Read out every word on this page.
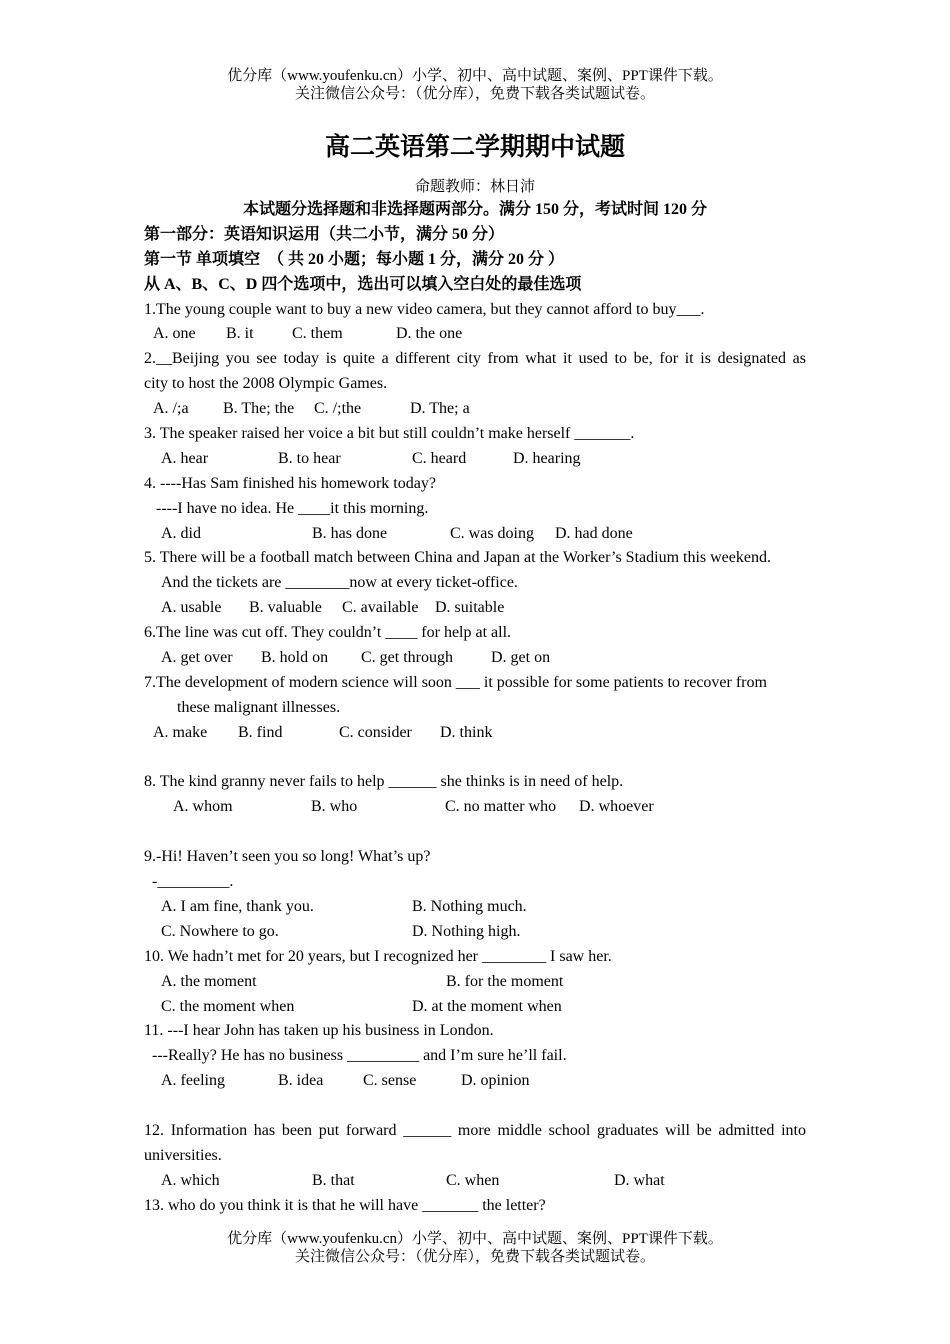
优分库（www.youfenku.cn）小学、初中、高中试题、案例、PPT课件下载。
关注微信公众号：（优分库），免费下载各类试题试卷。
高二英语第二学期期中试题
命题教师：林日沛
本试题分选择题和非选择题两部分。满分 150 分，考试时间 120 分
第一部分：英语知识运用（共二小节，满分 50 分）
第一节 单项填空  （ 共 20 小题；每小题 1 分，满分 20 分 ）
从 A、B、C、D 四个选项中，选出可以填入空白处的最佳选项
1.The young couple want to buy a new video camera, but they cannot afford to buy___.
A. one	B. it	C. them	D. the one
2.__Beijing you see today is quite a different city from what it used to be, for it is designated as
city to host the 2008 Olympic Games.
A. /;a	B. The; the	C. /;the	D. The; a
3. The speaker raised her voice a bit but still couldn’t make herself _______.
A. hear	B. to hear	C. heard	D. hearing
4. ----Has Sam finished his homework today?
----I have no idea. He ____it this morning.
A. did	B. has done	C. was doing	D. had done
5. There will be a football match between China and Japan at the Worker’s Stadium this weekend.
And the tickets are ________now at every ticket-office.
A. usable	B. valuable	C. available	D. suitable
6.The line was cut off. They couldn’t ____ for help at all.
A. get over	B. hold on	C. get through	D. get on
7.The development of modern science will soon ___ it possible for some patients to recover from
these malignant illnesses.
A. make	B. find	C. consider	D. think
8. The kind granny never fails to help ______ she thinks is in need of help.
A. whom	B. who	C. no matter who	D. whoever
9.-Hi! Haven’t seen you so long! What’s up?
-_________.
A. I am fine, thank you.	B. Nothing much.
C. Nowhere to go.	D. Nothing high.
10. We hadn’t met for 20 years, but I recognized her ________ I saw her.
A. the moment	B. for the moment
C. the moment when	D. at the moment when
11. ---I hear John has taken up his business in London.
---Really? He has no business _________ and I’m sure he’ll fail.
A. feeling	B. idea	C. sense	D. opinion
12. Information has been put forward ______ more middle school graduates will be admitted into
universities.
A. which	B. that	C. when	D. what
13. who do you think it is that he will have _______ the letter?
优分库（www.youfenku.cn）小学、初中、高中试题、案例、PPT课件下载。
关注微信公众号：（优分库），免费下载各类试题试卷。
